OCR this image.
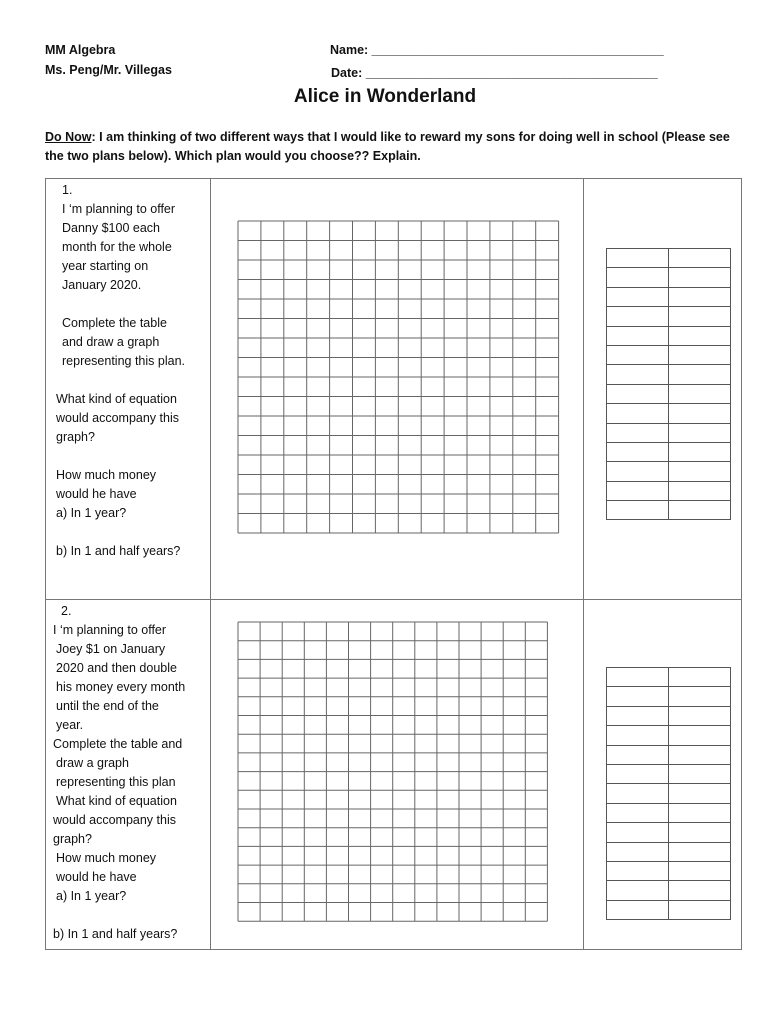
MM Algebra
Ms. Peng/Mr. Villegas
Name: __________________________________________
Date: __________________________________________
Alice in Wonderland
Do Now: I am thinking of two different ways that I would like to reward my sons for doing well in school (Please see the two plans below). Which plan would you choose?? Explain.
1.
I ‘m planning to offer
Danny $100 each
month for the whole
year starting on
January 2020.
Complete the table
and draw a graph
representing this plan.
What kind of equation
would accompany this
graph?
How much money
would he have
a) In 1 year?
b) In 1 and half years?
2.
I ‘m planning to offer
Joey $1 on January
2020 and then double
his money every month
until the end of the
year.
Complete the table and
draw a graph
representing this plan
What kind of equation
would accompany this
graph?
How much money
would he have
a) In 1 year?
b) In 1 and half years?
